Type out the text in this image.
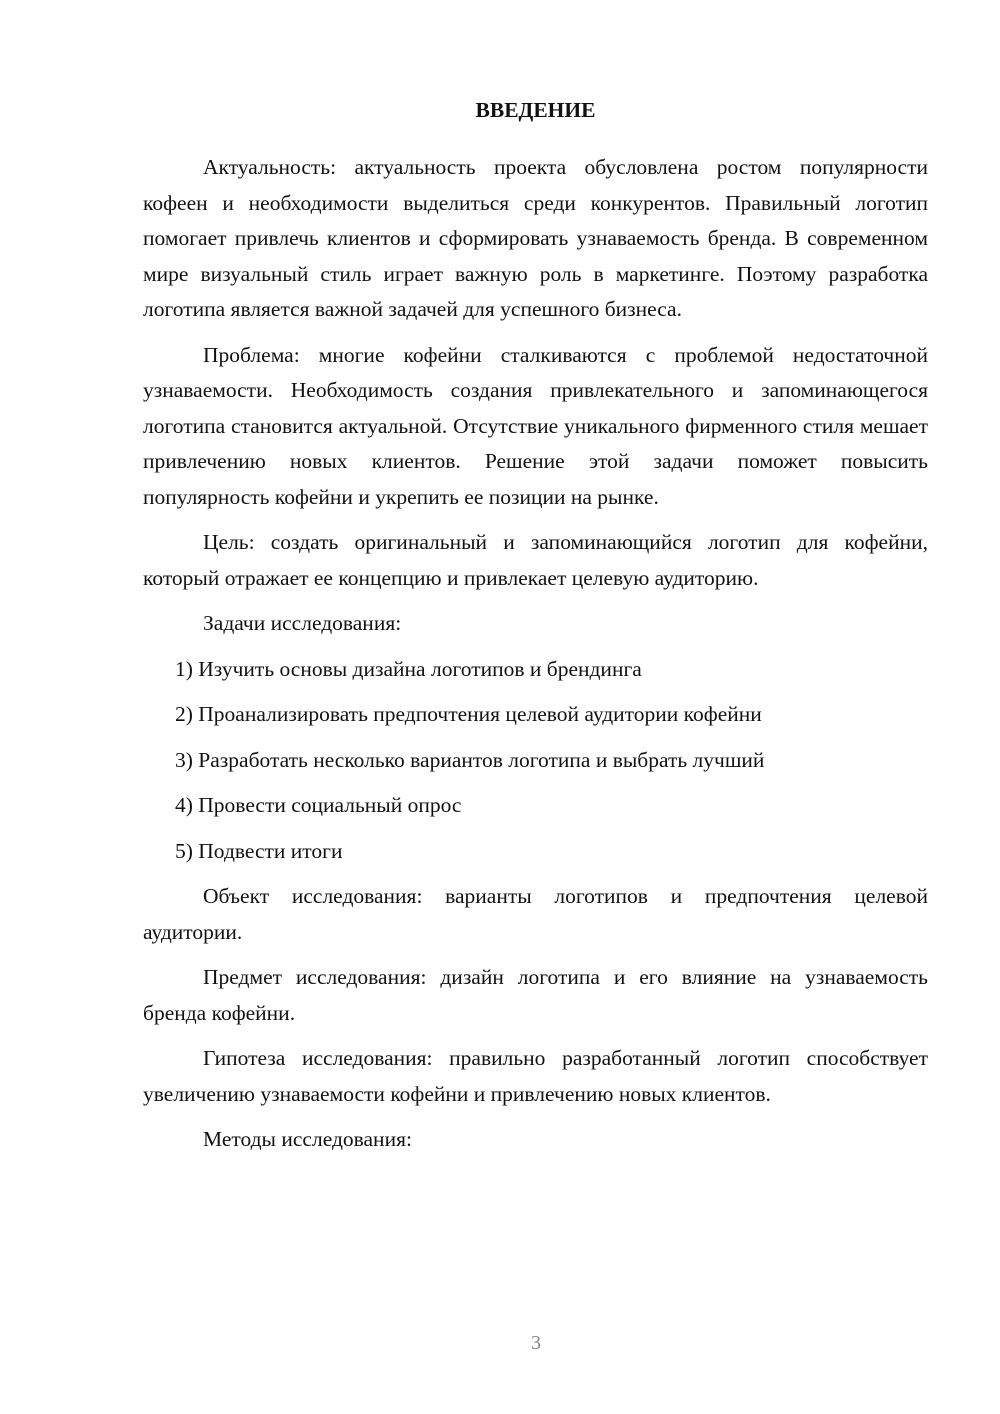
ВВЕДЕНИЕ

Актуальность: актуальность проекта обусловлена ростом популярности кофеен и необходимости выделиться среди конкурентов. Правильный логотип помогает привлечь клиентов и сформировать узнаваемость бренда. В современном мире визуальный стиль играет важную роль в маркетинге. Поэтому разработка логотипа является важной задачей для успешного бизнеса.

Проблема: многие кофейни сталкиваются с проблемой недостаточной узнаваемости. Необходимость создания привлекательного и запоминающегося логотипа становится актуальной. Отсутствие уникального фирменного стиля мешает привлечению новых клиентов. Решение этой задачи поможет повысить популярность кофейни и укрепить ее позиции на рынке.

Цель: создать оригинальный и запоминающийся логотип для кофейни, который отражает ее концепцию и привлекает целевую аудиторию.

Задачи исследования:

1) Изучить основы дизайна логотипов и брендинга
2) Проанализировать предпочтения целевой аудитории кофейни
3) Разработать несколько вариантов логотипа и выбрать лучший
4) Провести социальный опрос
5) Подвести итоги

Объект исследования: варианты логотипов и предпочтения целевой аудитории.

Предмет исследования: дизайн логотипа и его влияние на узнаваемость бренда кофейни.

Гипотеза исследования: правильно разработанный логотип способствует увеличению узнаваемости кофейни и привлечению новых клиентов.

Методы исследования:

3
